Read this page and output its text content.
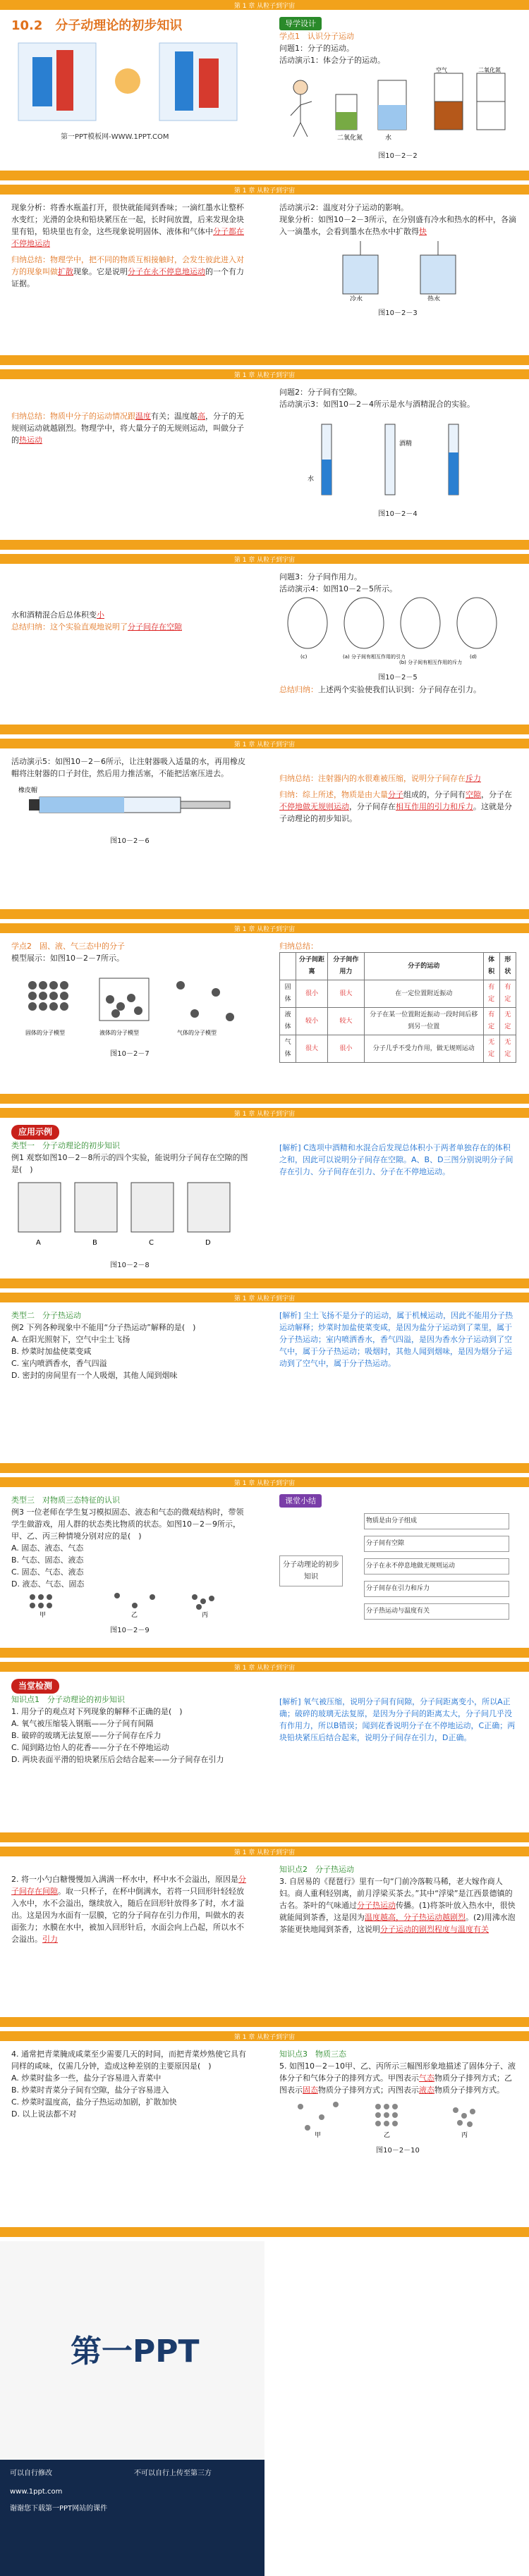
第 1 章 从粒子到宇宙
10.2　分子动理论的初步知识
第一PPT模板网-WWW.1PPT.COM
导学设计
学点1　认识分子运动
问题1：分子的运动。
活动演示1：体会分子的运动。
二氧化氮	水
空气	二氧化氮
图10－2－2
第 1 章 从粒子到宇宙
现象分析：将香水瓶盖打开，很快就能闻到香味；一滴红墨水让整杯水变红；光滑的金块和铅块紧压在一起，长时间放置，后来发现金块里有铅，铅块里也有金，这些现象说明固体、液体和气体中分子都在不停地运动
归纳总结：物理学中，把不同的物质互相接触时，会发生彼此进入对方的现象叫做扩散现象。它是说明分子在永不停息地运动的一个有力证据。
活动演示2：温度对分子运动的影响。
现象分析：如图10－2－3所示，在分别盛有冷水和热水的杯中，各滴入一滴墨水，会看到墨水在热水中扩散得快
冷水	热水
图10－2－3
第 1 章 从粒子到宇宙
归纳总结：物质中分子的运动情况跟温度有关；温度越高，分子的无规则运动就越剧烈。物理学中，将大量分子的无规则运动，叫做分子的热运动
问题2：分子间有空隙。
活动演示3：如图10－2－4所示是水与酒精混合的实验。
水
酒精
图10－2－4
第 1 章 从粒子到宇宙
水和酒精混合后总体积变小
总结归纳：这个实验直观地说明了分子间存在空隙
问题3：分子间作用力。
活动演示4：如图10－2－5所示。
(a) 分子间有相互作用的引力
(b) 分子间有相互作用的斥力
(c)	(d)
图10－2－5
总结归纳：上述两个实验使我们认识到：分子间存在引力。
第 1 章 从粒子到宇宙
活动演示5：如图10－2－6所示，让注射器吸入适量的水，再用橡皮帽将注射器的口子封住，然后用力推活塞，不能把活塞压进去。
橡皮帽
图10－2－6
归纳总结：注射器内的水很难被压缩，说明分子间存在斥力
归纳：综上所述，物质是由大量分子组成的，分子间有空隙，分子在不停地做无规则运动，分子间存在相互作用的引力和斥力。这就是分子动理论的初步知识。
第 1 章 从粒子到宇宙
学点2　固、液、气三态中的分子
模型展示：如图10－2－7所示。
固体的分子模型	液体的分子模型	气体的分子模型
图10－2－7
归纳总结：
	分子间距离	分子间作用力	分子的运动	体积	形状
固体	很小	很大	在一定位置附近振动	有定	有定
液体	较小	较大	分子在某一位置附近振动一段时间后移到另一位置	有定	无定
气体	很大	很小	分子几乎不受力作用，做无规则运动	无定	无定
第 1 章 从粒子到宇宙
应用示例
类型一　分子动理论的初步知识
例1 观察如图10－2－8所示的四个实验，能说明分子间存在空隙的图是(　)
A	B	C	D
图10－2－8
[解析] C选项中酒精和水混合后发现总体积小于两者单独存在的体积之和，因此可以说明分子间存在空隙。A、B、D三图分别说明分子间存在引力、分子间存在引力、分子在不停地运动。
第 1 章 从粒子到宇宙
类型二　分子热运动
例2 下列各种现象中不能用“分子热运动”解释的是(　)
A. 在阳光照射下，空气中尘土飞扬
B. 炒菜时加盐使菜变咸
C. 室内喷洒香水，香气四溢
D. 密封的房间里有一个人吸烟，其他人闻到烟味
[解析] 尘土飞扬不是分子的运动，属于机械运动，因此不能用分子热运动解释；炒菜时加盐使菜变咸，是因为盐分子运动到了菜里，属于分子热运动；室内喷洒香水，香气四溢，是因为香水分子运动到了空气中，属于分子热运动；吸烟时，其他人闻到烟味，是因为烟分子运动到了空气中，属于分子热运动。
第 1 章 从粒子到宇宙
类型三　对物质三态特征的认识
例3 一位老师在学生复习模拟固态、液态和气态的微观结构时，带领学生做游戏，用人群的状态类比物质的状态。如图10－2－9所示，甲、乙、丙三种情境分别对应的是(　)
A. 固态、液态、气态
B. 气态、固态、液态
C. 固态、气态、液态
D. 液态、气态、固态
甲	乙	丙
图10－2－9
课堂小结
分子动理论的初步知识
物质是由分子组成
分子间有空隙
分子在永不停息地做无规则运动
分子间存在引力和斥力
分子热运动与温度有关
第 1 章 从粒子到宇宙
当堂检测
知识点1　分子动理论的初步知识
1. 用分子的观点对下列现象的解释不正确的是(　)
A. 氧气被压缩装入钢瓶——分子间有间隔
B. 破碎的玻璃无法复原——分子间存在斥力
C. 闻到路边怡人的花香——分子在不停地运动
D. 两块表面平滑的铅块紧压后会结合起来——分子间存在引力
[解析] 氧气被压缩，说明分子间有间隙，分子间距离变小，所以A正确；破碎的玻璃无法复原，是因为分子间的距离太大，分子间几乎没有作用力，所以B错误；闻到花香说明分子在不停地运动，C正确；两块铅块紧压后结合起来，说明分子间存在引力，D正确。
第 1 章 从粒子到宇宙
2. 将一小勺白糖慢慢加入满满一杯水中，杯中水不会溢出，原因是分子间存在间隙。取一只杯子，在杯中倒满水，若将一只回形针轻轻放入水中，水不会溢出，继续放入，随后在回形针放得多了时，水才溢出。这是因为水面有一层膜，它的分子间存在引力作用，叫做水的表面张力；水膜在水中，被加入回形针后，水面会向上凸起，所以水不会溢出。引力
知识点2　分子热运动
3. 自居易的《琵琶行》里有一句“门前冷落鞍马稀，老大嫁作商人妇。商人重利轻别离，前月浮梁买茶去。”其中“浮梁”是江西景德镇的古名。茶叶的气味通过分子热运动传播。(1)将茶叶放入热水中，很快就能闻到茶香，这是因为温度越高，分子热运动越剧烈。(2)用沸水泡茶能更快地闻到茶香，这说明分子运动的剧烈程度与温度有关
第 1 章 从粒子到宇宙
4. 通常把青菜腌成咸菜至少需要几天的时间，而把青菜炒熟使它具有同样的咸味，仅需几分钟，造成这种差别的主要原因是(　)
A. 炒菜时盐多一些，盐分子容易进入青菜中
B. 炒菜时青菜分子间有空隙，盐分子容易进入
C. 炒菜时温度高，盐分子热运动加剧，扩散加快
D. 以上说法都不对
知识点3　物质三态
5. 如图10－2－10甲、乙、丙所示三幅图形象地描述了固体分子、液体分子和气体分子的排列方式。甲图表示气态物质分子排列方式；乙图表示固态物质分子排列方式；丙图表示液态物质分子排列方式。
甲	乙	丙
图10－2－10
第一PPT
可以自行修改	不可以自行上传至第三方
www.1ppt.com
谢谢您下载第一PPT网站的课件
